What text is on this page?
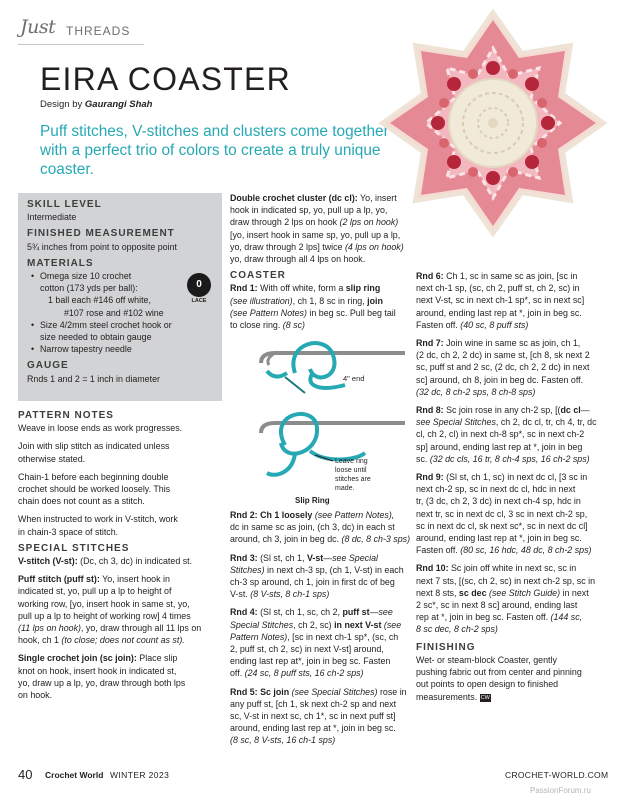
Just THREADS
EIRA COASTER
Design by Gaurangi Shah
Puff stitches, V-stitches and clusters come together with a perfect trio of colors to create a truly unique coaster.
SKILL LEVEL

Intermediate

FINISHED MEASUREMENT

5¾ inches from point to opposite point

MATERIALS

• Omega size 10 crochet

cotton (173 yds per ball):

1 ball each #146 off white,

#107 rose and #102 wine

• Size 4/2mm steel crochet hook or

size needed to obtain gauge

• Narrow tapestry needle

GAUGE

Rnds 1 and 2 = 1 inch in diameter

0
LACE
PATTERN NOTES

Weave in loose ends as work progresses.

Join with slip stitch as indicated unless

otherwise stated.

Chain-1 before each beginning double

crochet should be worked loosely. This

chain does not count as a stitch.

When instructed to work in V-stitch, work

in chain-3 space of stitch.

SPECIAL STITCHES

V-stitch (V-st): (Dc, ch 3, dc) in indicated st.

Puff stitch (puff st): Yo, insert hook in

indicated st, yo, pull up a lp to height of

working row, [yo, insert hook in same st, yo,

pull up a lp to height of working row] 4 times

(11 lps on hook), yo, draw through all 11 lps on

hook, ch 1 (to close; does not count as st).

Single crochet join (sc join): Place slip

knot on hook, insert hook in indicated st,

yo, draw up a lp, yo, draw through both lps

on hook.

Double crochet cluster (dc cl): Yo, insert

hook in indicated sp, yo, pull up a lp, yo,

draw through 2 lps on hook (2 lps on hook)

[yo, insert hook in same sp, yo, pull up a lp,

yo, draw through 2 lps] twice (4 lps on hook)

yo, draw through all 4 lps on hook.

COASTER

Rnd 1: With off white, form a slip ring

(see illustration), ch 1, 8 sc in ring, join

(see Pattern Notes) in beg sc. Pull beg tail

to close ring. (8 sc)

4" end
Leave ring
loose until
stitches are
made.
Slip Ring

Rnd 2: Ch 1 loosely (see Pattern Notes),

dc in same sc as join, (ch 3, dc) in each st

around, ch 3, join in beg dc. (8 dc, 8 ch-3 sps)

Rnd 3: (Sl st, ch 1, V-st—see Special

Stitches) in next ch-3 sp, (ch 1, V-st) in each

ch-3 sp around, ch 1, join in first dc of beg

V-st. (8 V-sts, 8 ch-1 sps)

Rnd 4: (Sl st, ch 1, sc, ch 2, puff st—see

Special Stitches, ch 2, sc) in next V-st (see

Pattern Notes), [sc in next ch-1 sp*, (sc, ch

2, puff st, ch 2, sc) in next V-st] around,

ending last rep at*, join in beg sc. Fasten

off. (24 sc, 8 puff sts, 16 ch-2 sps)

Rnd 5: Sc join (see Special Stitches) rose in

any puff st, [ch 1, sk next ch-2 sp and next

sc, V-st in next sc, ch 1*, sc in next puff st]

around, ending last rep at *, join in beg sc.

(8 sc, 8 V-sts, 16 ch-1 sps)

Rnd 6: Ch 1, sc in same sc as join, [sc in

next ch-1 sp, (sc, ch 2, puff st, ch 2, sc) in

next V-st, sc in next ch-1 sp*, sc in next sc]

around, ending last rep at *, join in beg sc.

Fasten off. (40 sc, 8 puff sts)

Rnd 7: Join wine in same sc as join, ch 1,

(2 dc, ch 2, 2 dc) in same st, [ch 8, sk next 2

sc, puff st and 2 sc, (2 dc, ch 2, 2 dc) in next

sc] around, ch 8, join in beg dc. Fasten off.

(32 dc, 8 ch-2 sps, 8 ch-8 sps)

Rnd 8: Sc join rose in any ch-2 sp, [(dc cl—

see Special Stitches, ch 2, dc cl, tr, ch 4, tr, dc

cl, ch 2, cl) in next ch-8 sp*, sc in next ch-2

sp] around, ending last rep at *, join in beg

sc. (32 dc cls, 16 tr, 8 ch-4 sps, 16 ch-2 sps)

Rnd 9: (Sl st, ch 1, sc) in next dc cl, [3 sc in

next ch-2 sp, sc in next dc cl, hdc in next

tr, (3 dc, ch 2, 3 dc) in next ch-4 sp, hdc in

next tr, sc in next dc cl, 3 sc in next ch-2 sp,

sc in next dc cl, sk next sc*, sc in next dc cl]

around, ending last rep at *, join in beg sc.

Fasten off. (80 sc, 16 hdc, 48 dc, 8 ch-2 sps)

Rnd 10: Sc join off white in next sc, sc in

next 7 sts, [(sc, ch 2, sc) in next ch-2 sp, sc in

next 8 sts, sc dec (see Stitch Guide) in next

2 sc*, sc in next 8 sc] around, ending last

rep at *, join in beg sc. Fasten off. (144 sc,

8 sc dec, 8 ch-2 sps)

FINISHING

Wet- or steam-block Coaster, gently

pushing fabric out from center and pinning

out points to open design to finished

measurements. CW

40 Crochet World WINTER 2023	CROCHET-WORLD.COM
PassionForum.ru
